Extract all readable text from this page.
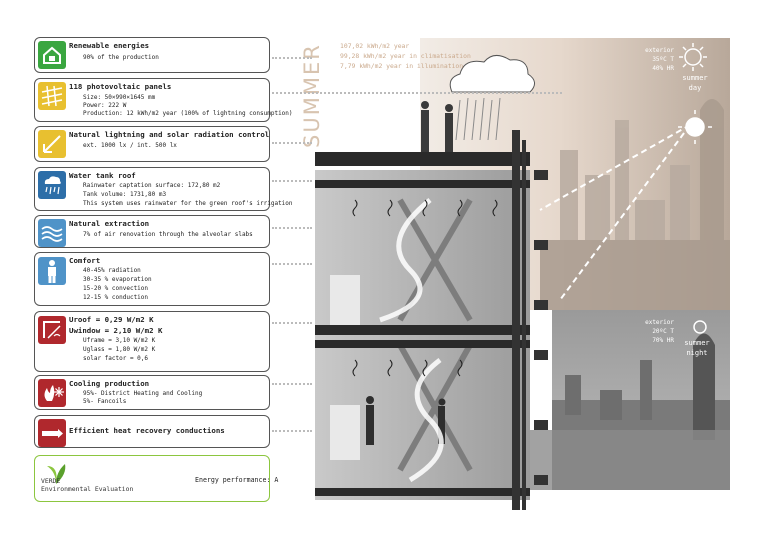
SUMMER	107,02 kWh/m2 year
99,28 kWh/m2 year in climatisation
7,79 kWh/m2 year in illumination
exterior
35ºC T
40% HR
summer
day
exterior
20ºC T
70% HR	summer
night
Renewable energies
90% of the production
118 photovoltaic panels
Size: 50×990×1645 mm
Power: 222 W
Production: 12 kWh/m2 year (100% of lightning consumption)
Natural lightning and solar radiation control
ext. 1000 lx / int. 500 lx
Water tank roof
Rainwater captation surface: 172,80 m2
Tank volume: 1731,80 m3
This system uses rainwater for the green roof's irrigation
Natural extraction
7% of air renovation through the alveolar slabs
Comfort
40-45% radiation
30-35 % evaporation
15-20 % convection
12-15 % conduction
Uroof = 0,29 W/m2 K
Uwindow = 2,10 W/m2 K
Uframe = 3,10 W/m2 K
Uglass = 1,80 W/m2 K
solar factor = 0,6
Cooling production
95%- District Heating and Cooling
5%- Fancoils
Efficient heat recovery conductions
VERDE
Environmental Evaluation
Energy performance: A
